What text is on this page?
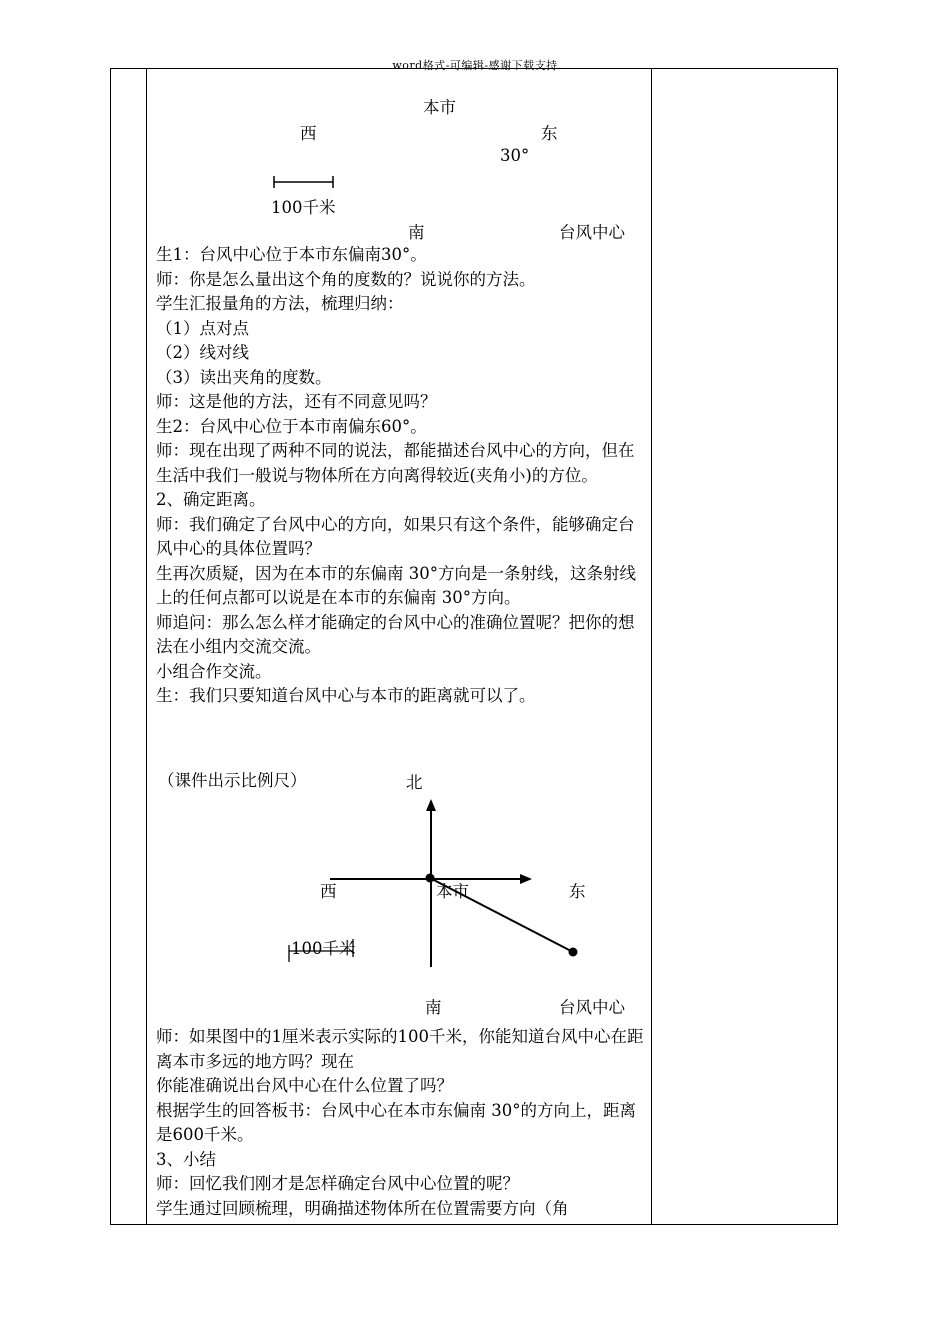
word格式-可编辑-感谢下载支持
本市
西	东
30°
100千米
南	台风中心

生1：台风中心位于本市东偏南30°。

师：你是怎么量出这个角的度数的？说说你的方法。

学生汇报量角的方法，梳理归纳：

（1）点对点

（2）线对线

（3）读出夹角的度数。

师：这是他的方法，还有不同意见吗？

生2：台风中心位于本市南偏东60°。

师：现在出现了两种不同的说法，都能描述台风中心的方向，但在生活中我们一般说与物体所在方向离得较近(夹角小)的方位。

2、确定距离。

师：我们确定了台风中心的方向，如果只有这个条件，能够确定台风中心的具体位置吗？

生再次质疑，因为在本市的东偏南 30°方向是一条射线，这条射线上的任何点都可以说是在本市的东偏南 30°方向。

师追问：那么怎么样才能确定的台风中心的准确位置呢？把你的想法在小组内交流交流。

小组合作交流。

生：我们只要知道台风中心与本市的距离就可以了。

（课件出示比例尺）	北
西	本市	东
100千米
南	台风中心

师：如果图中的1厘米表示实际的100千米，你能知道台风中心在距离本市多远的地方吗？现在

你能准确说出台风中心在什么位置了吗？

根据学生的回答板书：台风中心在本市东偏南 30°的方向上，距离是600千米。

3、小结

师：回忆我们刚才是怎样确定台风中心位置的呢？

学生通过回顾梳理，明确描述物体所在位置需要方向（角
